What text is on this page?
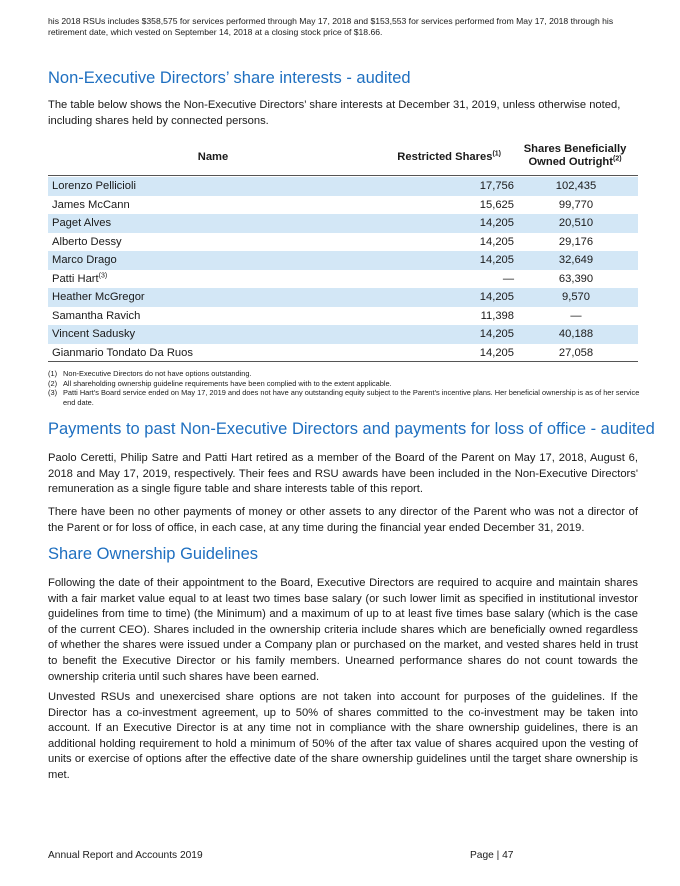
his 2018 RSUs includes $358,575 for services performed through May 17, 2018 and $153,553 for services performed from May 17, 2018 through his retirement date, which vested on September 14, 2018 at a closing stock price of $18.66.
Non-Executive Directors’ share interests - audited
The table below shows the Non-Executive Directors’ share interests at December 31, 2019, unless otherwise noted, including shares held by connected persons.
Name	Restricted Shares$^{(1)}$	Shares Beneficially
Owned Outright$^{(2)}$
Lorenzo Pellicioli	17,756	102,435
James McCann	15,625	99,770
Paget Alves	14,205	20,510
Alberto Dessy	14,205	29,176
Marco Drago	14,205	32,649
Patti Hart$^{(3)}$	—	63,390
Heather McGregor	14,205	9,570
Samantha Ravich	11,398	—
Vincent Sadusky	14,205	40,188
Gianmario Tondato Da Ruos	14,205	27,058
(1) Non-Executive Directors do not have options outstanding.
(2) All shareholding ownership guideline requirements have been complied with to the extent applicable.
(3) Patti Hart's Board service ended on May 17, 2019 and does not have any outstanding equity subject to the Parent's incentive plans. Her beneficial ownership is as of her service end date.
Payments to past Non-Executive Directors and payments for loss of office - audited
Paolo Ceretti, Philip Satre and Patti Hart retired as a member of the Board of the Parent on May 17, 2018, August 6, 2018 and May 17, 2019, respectively. Their fees and RSU awards have been included in the Non-Executive Directors' remuneration as a single figure table and share interests table of this report.
There have been no other payments of money or other assets to any director of the Parent who was not a director of the Parent or for loss of office, in each case, at any time during the financial year ended December 31, 2019.
Share Ownership Guidelines
Following the date of their appointment to the Board, Executive Directors are required to acquire and maintain shares with a fair market value equal to at least two times base salary (or such lower limit as specified in institutional investor guidelines from time to time) (the Minimum) and a maximum of up to at least five times base salary (which is the case of the current CEO). Shares included in the ownership criteria include shares which are beneficially owned regardless of whether the shares were issued under a Company plan or purchased on the market, and vested shares held in trust to benefit the Executive Director or his family members. Unearned performance shares do not count towards the ownership criteria until such shares have been earned.
Unvested RSUs and unexercised share options are not taken into account for purposes of the guidelines. If the Director has a co-investment agreement, up to 50% of shares committed to the co-investment may be taken into account. If an Executive Director is at any time not in compliance with the share ownership guidelines, there is an additional holding requirement to hold a minimum of 50% of the after tax value of shares acquired upon the vesting of units or exercise of options after the effective date of the share ownership guidelines until the target share ownership is met.
Annual Report and Accounts 2019	Page | 47
